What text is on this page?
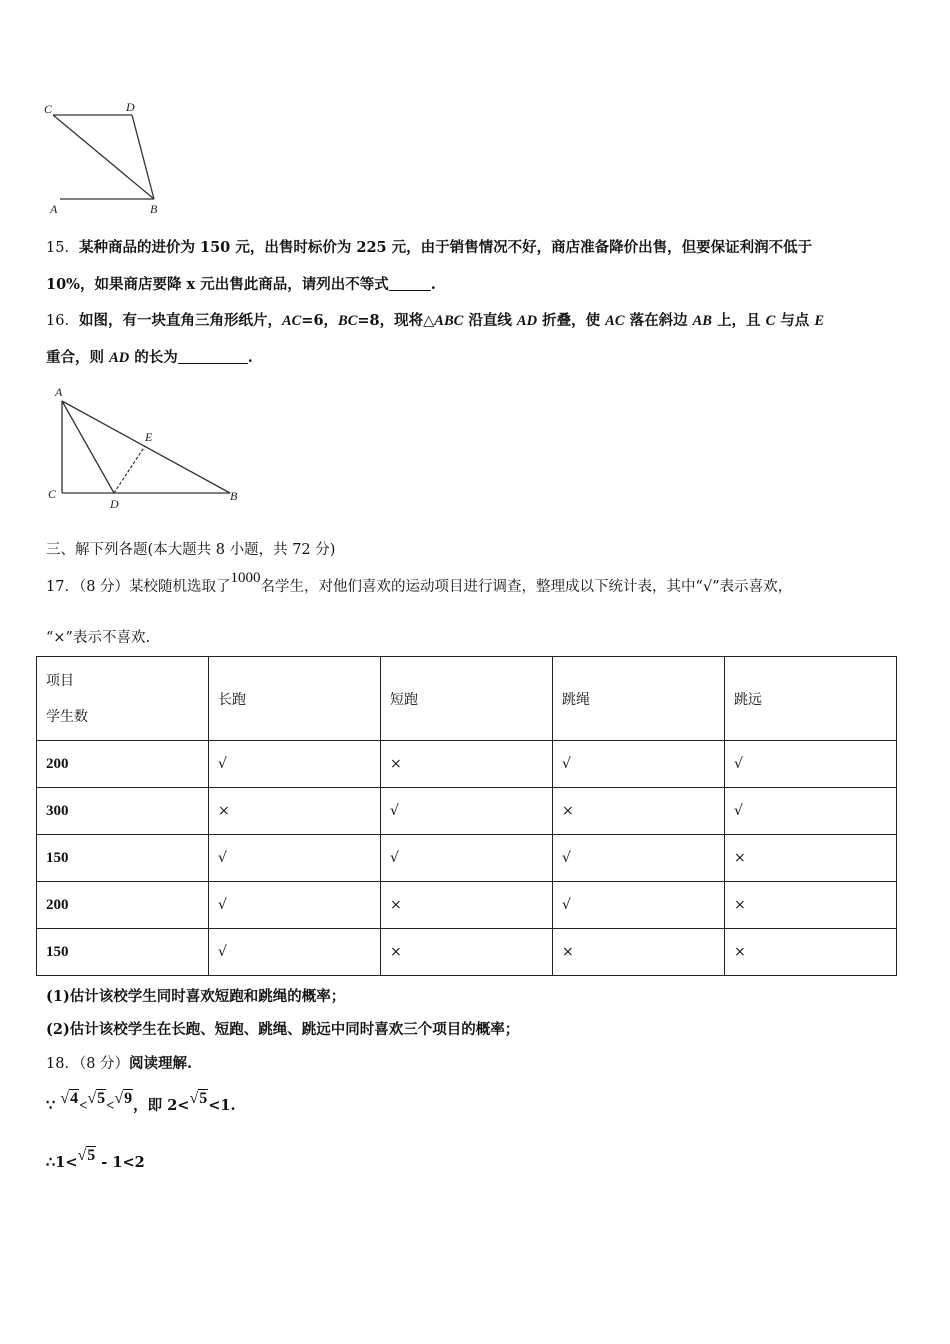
C	D
A	B
15．某种商品的进价为 150 元，出售时标价为 225 元，由于销售情况不好，商店准备降价出售，但要保证利润不低于
10%，如果商店要降 x 元出售此商品，请列出不等式	.
16．如图，有一块直角三角形纸片，AC=6，BC=8，现将△ABC 沿直线 AD 折叠，使 AC 落在斜边 AB 上，且 C 与点 E
重合，则 AD 的长为	.
A
E
C
D
B
三、解下列各题(本大题共 8 小题，共 72 分)
17．（8 分）某校随机选取了1000名学生，对他们喜欢的运动项目进行调查，整理成以下统计表，其中“√”表示喜欢，
“×”表示不喜欢.
项目
学生数	长跑	短跑	跳绳	跳远
200	√	×	√	√
300	×	√	×	√
150	√	√	√	×
200	√	×	√	×
150	√	×	×	×
(1)估计该校学生同时喜欢短跑和跳绳的概率；
(2)估计该校学生在长跑、短跑、跳绳、跳远中同时喜欢三个项目的概率；
18．（8 分）阅读理解.
∵ √4<√5<√9，即 2<√5<1.
∴1<√5 - 1<2
